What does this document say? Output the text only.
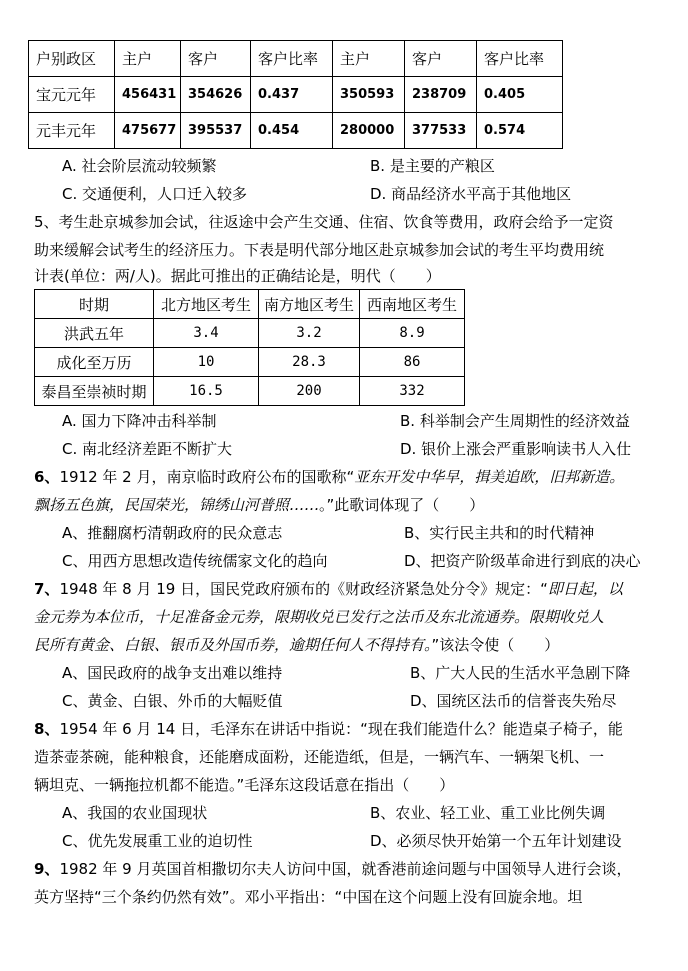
户别政区	主户	客户	客户比率	主户	客户	客户比率
宝元元年	456431	354626	0.437	350593	238709	0.405
元丰元年	475677	395537	0.454	280000	377533	0.574
A. 社会阶层流动较频繁	B. 是主要的产粮区
C. 交通便利，人口迁入较多	D. 商品经济水平高于其他地区
5、考生赴京城参加会试，往返途中会产生交通、住宿、饮食等费用，政府会给予一定资
助来缓解会试考生的经济压力。下表是明代部分地区赴京城参加会试的考生平均费用统
计表(单位：两/人)。据此可推出的正确结论是，明代（　　）
时期	北方地区考生	南方地区考生	西南地区考生
洪武五年	3.4	3.2	8.9
成化至万历	10	28.3	86
泰昌至崇祯时期	16.5	200	332
A. 国力下降冲击科举制	B. 科举制会产生周期性的经济效益
C. 南北经济差距不断扩大	D. 银价上涨会严重影响读书人入仕
6、1912 年 2 月，南京临时政府公布的国歌称“亚东开发中华早，揖美追欧，旧邦新造。
飘扬五色旗，民国荣光，锦绣山河普照……。”此歌词体现了（　　）
A、推翻腐朽清朝政府的民众意志	B、实行民主共和的时代精神
C、用西方思想改造传统儒家文化的趋向	D、把资产阶级革命进行到底的决心
7、1948 年 8 月 19 日，国民党政府颁布的《财政经济紧急处分令》规定：“即日起，以
金元券为本位币，十足准备金元券，限期收兑已发行之法币及东北流通券。限期收兑人
民所有黄金、白银、银币及外国币券，逾期任何人不得持有。”该法令使（　　）
A、国民政府的战争支出难以维持	B、广大人民的生活水平急剧下降
C、黄金、白银、外币的大幅贬值	D、国统区法币的信誉丧失殆尽
8、1954 年 6 月 14 日，毛泽东在讲话中指说：“现在我们能造什么？能造桌子椅子，能
造茶壶茶碗，能种粮食，还能磨成面粉，还能造纸，但是，一辆汽车、一辆架飞机、一
辆坦克、一辆拖拉机都不能造。”毛泽东这段话意在指出（　　）
A、我国的农业国现状	B、农业、轻工业、重工业比例失调
C、优先发展重工业的迫切性	D、必须尽快开始第一个五年计划建设
9、1982 年 9 月英国首相撒切尔夫人访问中国，就香港前途问题与中国领导人进行会谈，
英方坚持“三个条约仍然有效”。邓小平指出：“中国在这个问题上没有回旋余地。坦
